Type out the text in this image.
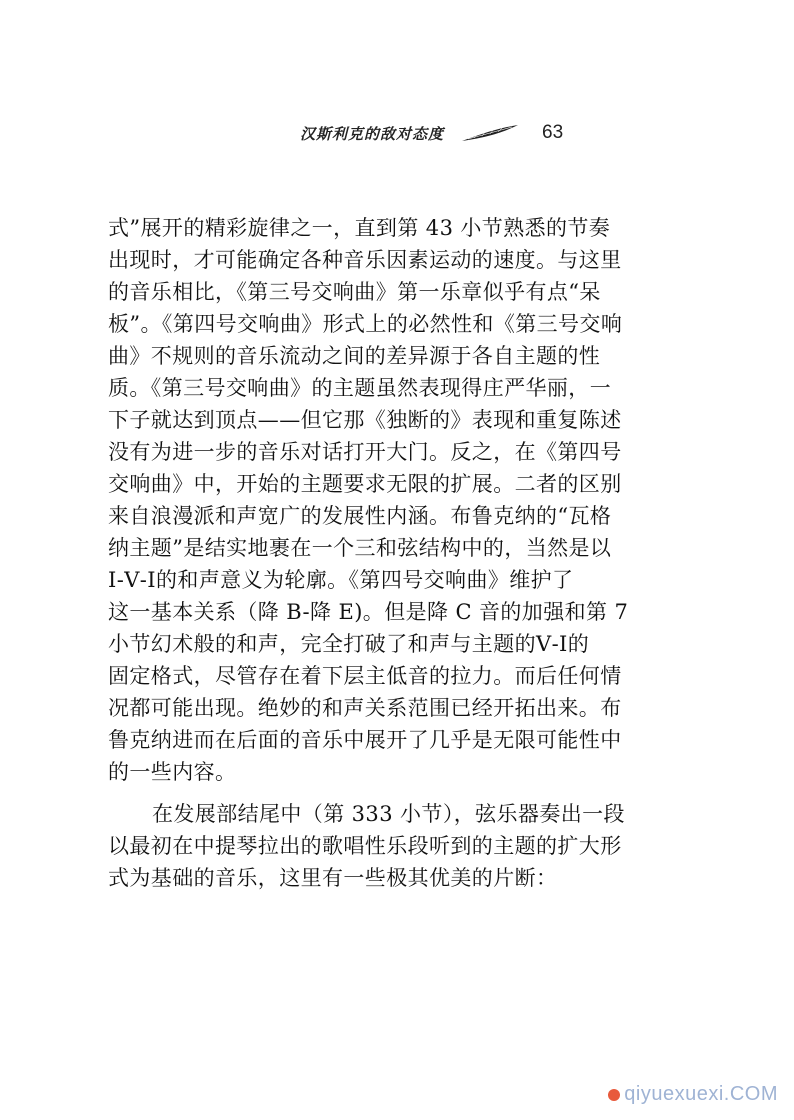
汉斯利克的敌对态度	63
式”展开的精彩旋律之一，直到第 43 小节熟悉的节奏
出现时，才可能确定各种音乐因素运动的速度。与这里
的音乐相比，《第三号交响曲》第一乐章似乎有点“呆
板”。《第四号交响曲》形式上的必然性和《第三号交响
曲》不规则的音乐流动之间的差异源于各自主题的性
质。《第三号交响曲》的主题虽然表现得庄严华丽，一
下子就达到顶点——但它那《独断的》表现和重复陈述
没有为进一步的音乐对话打开大门。反之，在《第四号
交响曲》中，开始的主题要求无限的扩展。二者的区别
来自浪漫派和声宽广的发展性内涵。布鲁克纳的“瓦格
纳主题”是结实地裹在一个三和弦结构中的，当然是以
Ⅰ-Ⅴ-Ⅰ的和声意义为轮廓。《第四号交响曲》维护了
这一基本关系（降 B-降 E)。但是降 C 音的加强和第 7
小节幻术般的和声，完全打破了和声与主题的Ⅴ-Ⅰ的
固定格式，尽管存在着下层主低音的拉力。而后任何情
况都可能出现。绝妙的和声关系范围已经开拓出来。布
鲁克纳进而在后面的音乐中展开了几乎是无限可能性中
的一些内容。
在发展部结尾中（第 333 小节），弦乐器奏出一段
以最初在中提琴拉出的歌唱性乐段听到的主题的扩大形
式为基础的音乐，这里有一些极其优美的片断：
qiyuexuexi.COM
